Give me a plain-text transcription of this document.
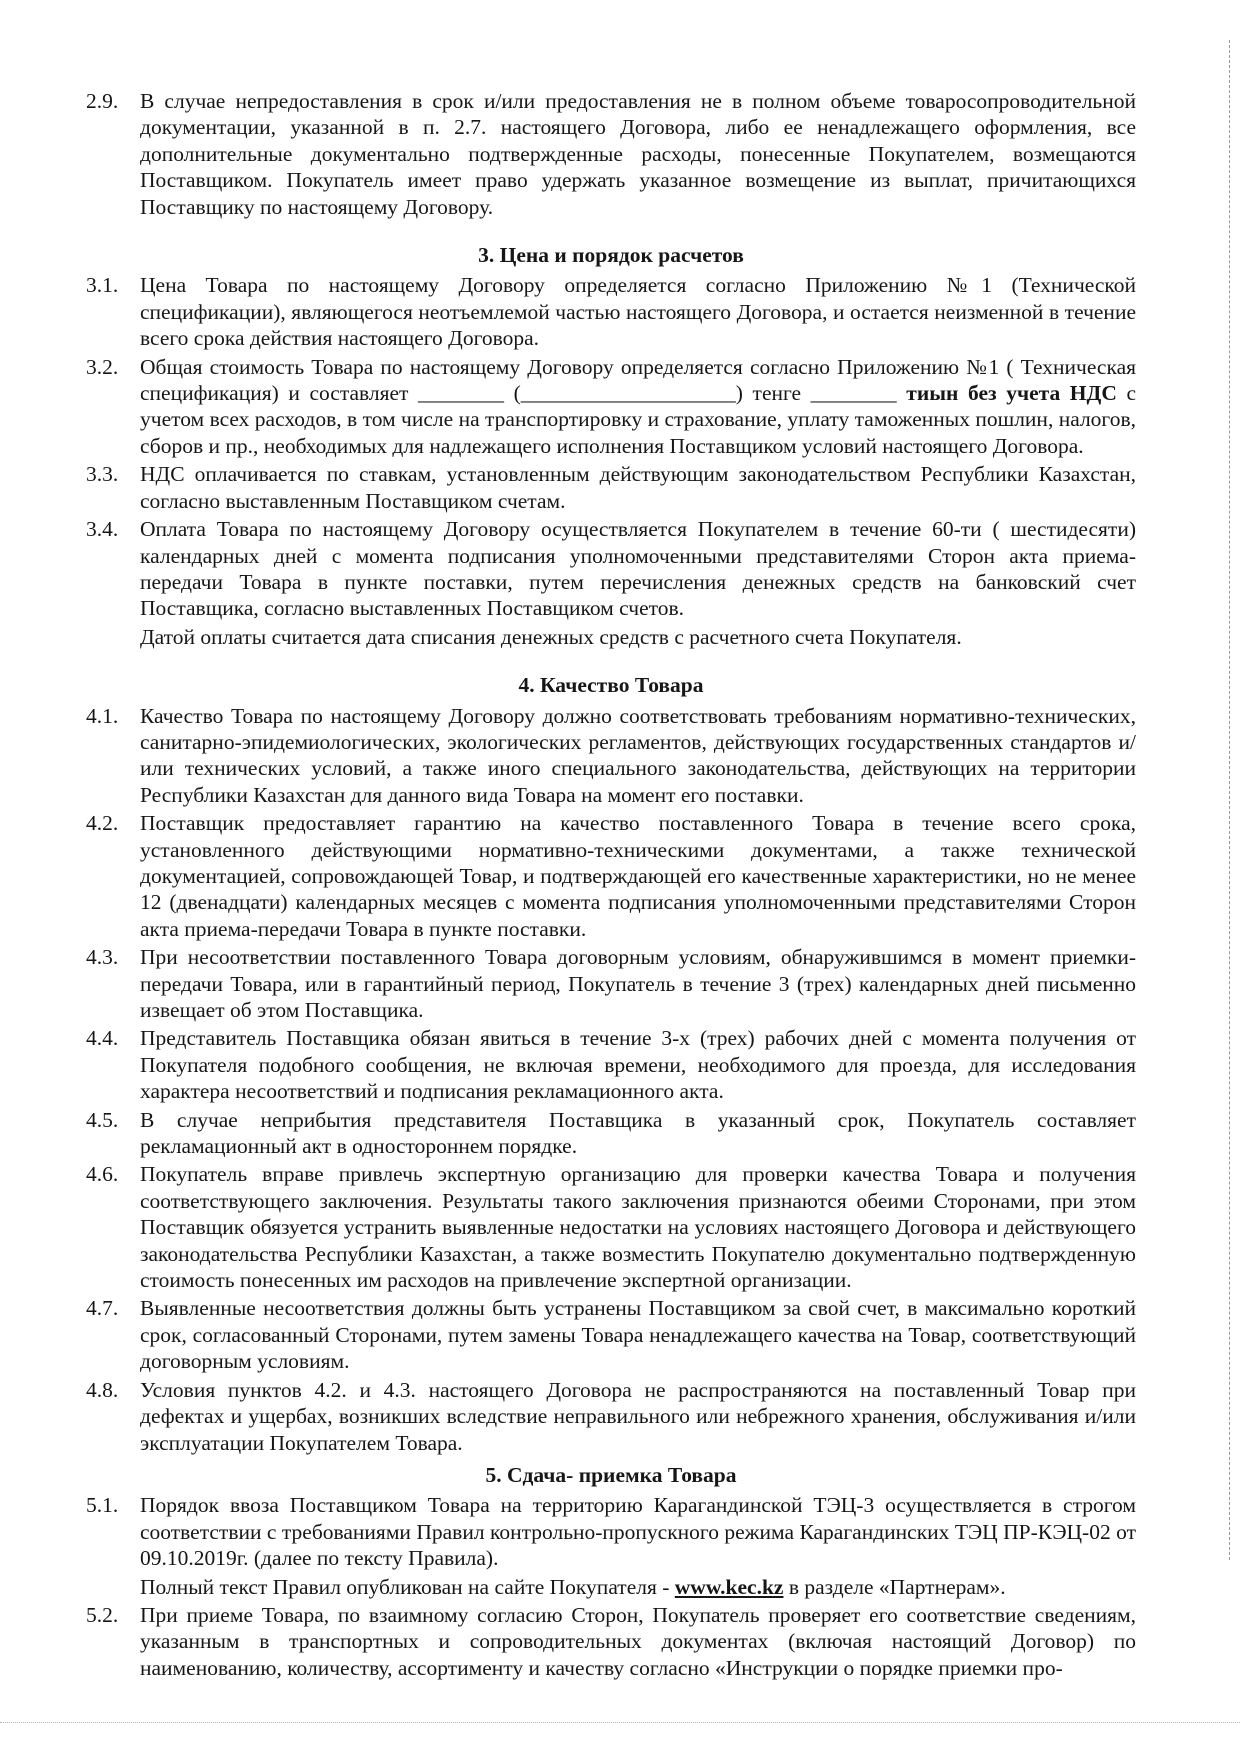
2.9.	В случае непредоставления в срок и/или предоставления не в полном объеме товаросопроводительной документации, указанной в п. 2.7. настоящего Договора, либо ее ненадлежащего оформления, все дополнительные документально подтвержденные расходы, понесенные Покупателем, возмещаются Поставщиком. Покупатель имеет право удержать указанное возмещение из выплат, причитающихся Поставщику по настоящему Договору.
3. Цена и порядок расчетов
3.1.	Цена Товара по настоящему Договору определяется согласно Приложению №1 (Технической спецификации), являющегося неотъемлемой частью настоящего Договора, и остается неизменной в течение всего срока действия настоящего Договора.
3.2.	Общая стоимость Товара по настоящему Договору определяется согласно Приложению №1 ( Техническая спецификация) и составляет ________ (____________________) тенге ________ тиын без учета НДС с учетом всех расходов, в том числе на транспортировку и страхование, уплату таможенных пошлин, налогов, сборов и пр., необходимых для надлежащего исполнения Поставщиком условий настоящего Договора.
3.3.	НДС оплачивается по ставкам, установленным действующим законодательством Республики Казахстан, согласно выставленным Поставщиком счетам.
3.4.	Оплата Товара по настоящему Договору осуществляется Покупателем в течение 60-ти ( шестидесяти) календарных дней с момента подписания уполномоченными представителями Сторон акта приема-передачи Товара в пункте поставки, путем перечисления денежных средств на банковский счет Поставщика, согласно выставленных Поставщиком счетов.
Датой оплаты считается дата списания денежных средств с расчетного счета Покупателя.
4. Качество Товара
4.1.	Качество Товара по настоящему Договору должно соответствовать требованиям нормативно-технических, санитарно-эпидемиологических, экологических регламентов, действующих государственных стандартов и/или технических условий, а также иного специального законодательства, действующих на территории Республики Казахстан для данного вида Товара на момент его поставки.
4.2.	Поставщик предоставляет гарантию на качество поставленного Товара в течение всего срока, установленного действующими нормативно-техническими документами, а также технической документацией, сопровождающей Товар, и подтверждающей его качественные характеристики, но не менее 12 (двенадцати) календарных месяцев с момента подписания уполномоченными представителями Сторон акта приема-передачи Товара в пункте поставки.
4.3.	При несоответствии поставленного Товара договорным условиям, обнаружившимся в момент приемки-передачи Товара, или в гарантийный период, Покупатель в течение 3 (трех) календарных дней письменно извещает об этом Поставщика.
4.4.	Представитель Поставщика обязан явиться в течение 3-х (трех) рабочих дней с момента получения от Покупателя подобного сообщения, не включая времени, необходимого для проезда, для исследования характера несоответствий и подписания рекламационного акта.
4.5.	В случае неприбытия представителя Поставщика в указанный срок, Покупатель составляет рекламационный акт в одностороннем порядке.
4.6.	Покупатель вправе привлечь экспертную организацию для проверки качества Товара и получения соответствующего заключения. Результаты такого заключения признаются обеими Сторонами, при этом Поставщик обязуется устранить выявленные недостатки на условиях настоящего Договора и действующего законодательства Республики Казахстан, а также возместить Покупателю документально подтвержденную стоимость понесенных им расходов на привлечение экспертной организации.
4.7.	Выявленные несоответствия должны быть устранены Поставщиком за свой счет, в максимально короткий срок, согласованный Сторонами, путем замены Товара ненадлежащего качества на Товар, соответствующий договорным условиям.
4.8.	Условия пунктов 4.2. и 4.3. настоящего Договора не распространяются на поставленный Товар при дефектах и ущербах, возникших вследствие неправильного или небрежного хранения, обслуживания и/или эксплуатации Покупателем Товара.
5. Сдача- приемка Товара
5.1.	Порядок ввоза Поставщиком Товара на территорию Карагандинской ТЭЦ-3 осуществляется в строгом соответствии с требованиями Правил контрольно-пропускного режима Карагандинских ТЭЦ ПР-КЭЦ-02 от 09.10.2019г. (далее по тексту Правила).
Полный текст Правил опубликован на сайте Покупателя - www.kec.kz в разделе «Партнерам».
5.2.	При приеме Товара, по взаимному согласию Сторон, Покупатель проверяет его соответствие сведениям, указанным в транспортных и сопроводительных документах (включая настоящий Договор) по наименованию, количеству, ассортименту и качеству согласно «Инструкции о порядке приемки про-
